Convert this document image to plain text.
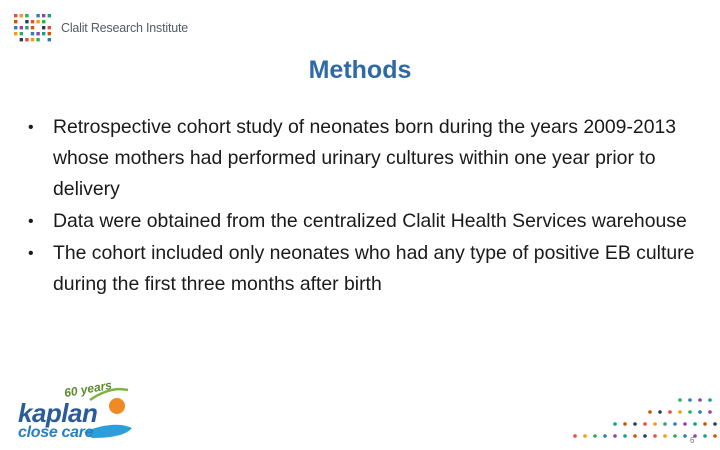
Clalit Research Institute
Methods
• Retrospective cohort study of neonates born during the years 2009-2013 whose mothers had performed urinary cultures within one year prior to delivery
• Data were obtained from the centralized Clalit Health Services warehouse
• The cohort included only neonates who had any type of positive EB culture during the first three months after birth
60 years
kaplan
close care	6
